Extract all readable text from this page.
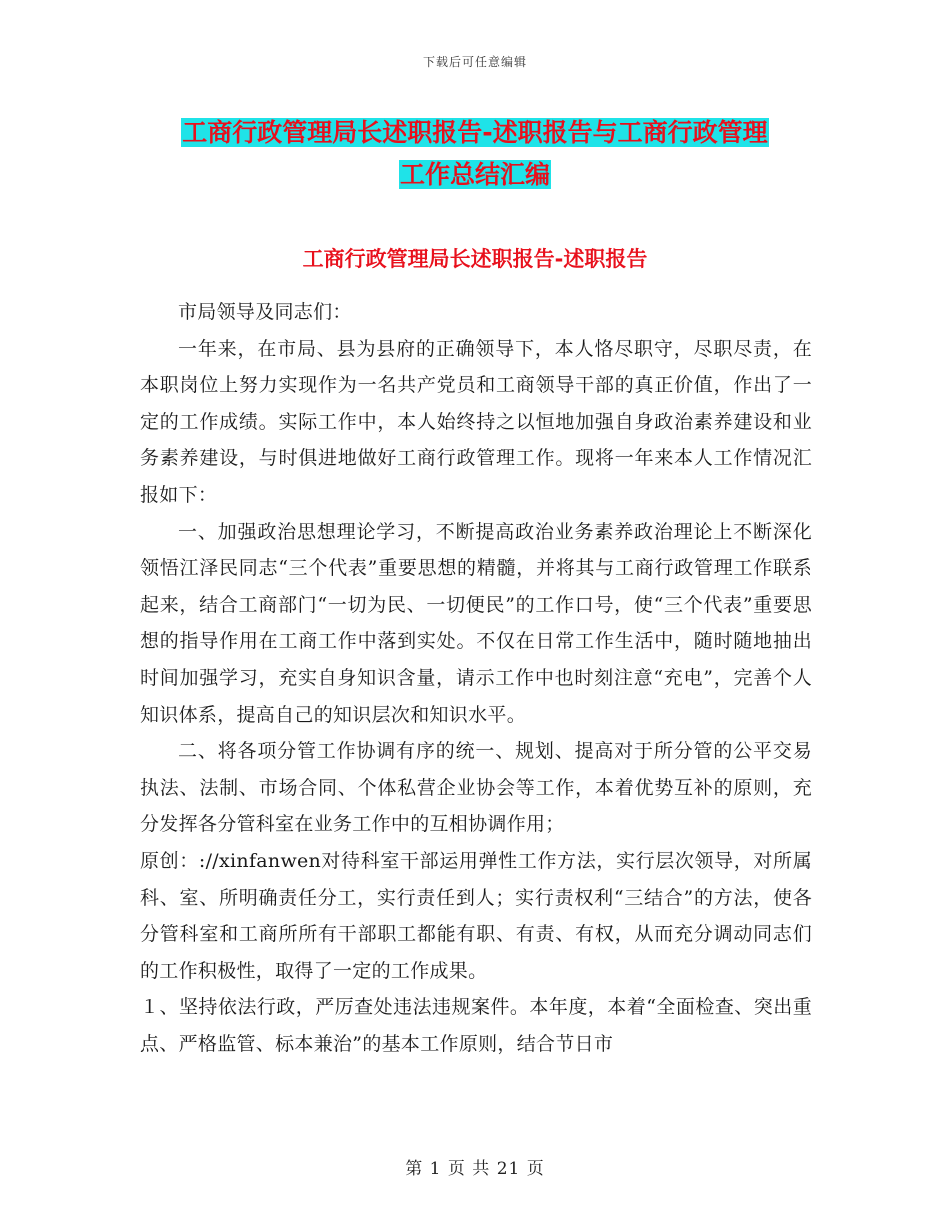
下载后可任意编辑
工商行政管理局长述职报告-述职报告与工商行政管理
工作总结汇编
工商行政管理局长述职报告-述职报告

市局领导及同志们：

一年来，在市局、县为县府的正确领导下，本人恪尽职守，尽职尽责，在本职岗位上努力实现作为一名共产党员和工商领导干部的真正价值，作出了一定的工作成绩。实际工作中，本人始终持之以恒地加强自身政治素养建设和业务素养建设，与时俱进地做好工商行政管理工作。现将一年来本人工作情况汇报如下：

一、加强政治思想理论学习，不断提高政治业务素养政治理论上不断深化领悟江泽民同志“三个代表”重要思想的精髓，并将其与工商行政管理工作联系起来，结合工商部门“一切为民、一切便民”的工作口号，使“三个代表”重要思想的指导作用在工商工作中落到实处。不仅在日常工作生活中，随时随地抽出时间加强学习，充实自身知识含量，请示工作中也时刻注意“充电”，完善个人知识体系，提高自己的知识层次和知识水平。

二、将各项分管工作协调有序的统一、规划、提高对于所分管的公平交易执法、法制、市场合同、个体私营企业协会等工作，本着优势互补的原则，充分发挥各分管科室在业务工作中的互相协调作用；

原创：://xinfanwen对待科室干部运用弹性工作方法，实行层次领导，对所属科、室、所明确责任分工，实行责任到人；实行责权利“三结合”的方法，使各分管科室和工商所所有干部职工都能有职、有责、有权，从而充分调动同志们的工作积极性，取得了一定的工作成果。

１、坚持依法行政，严厉查处违法违规案件。本年度，本着“全面检查、突出重点、严格监管、标本兼治”的基本工作原则，结合节日市

第 1 页 共 21 页
